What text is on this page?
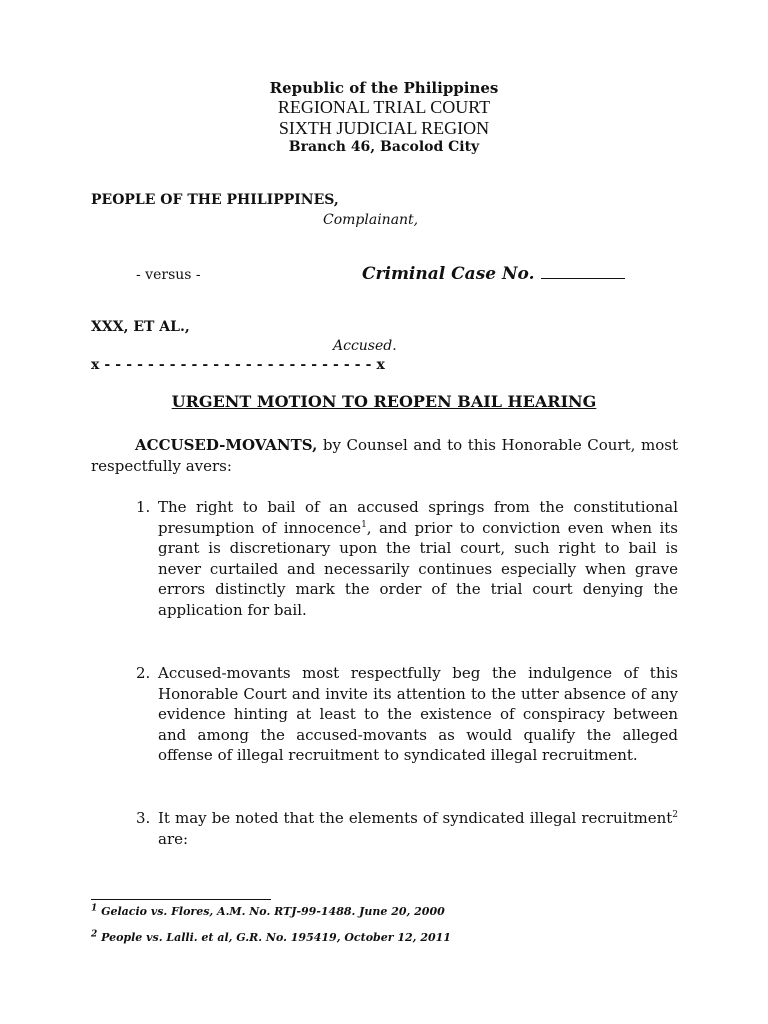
Republic of the Philippines
REGIONAL TRIAL COURT
SIXTH JUDICIAL REGION
Branch 46, Bacolod City
PEOPLE OF THE PHILIPPINES,
Complainant,
- versus -	Criminal Case No.
XXX, ET AL.,
Accused.
x - - - - - - - - - - - - - - - - - - - - - - - - - x
URGENT MOTION TO REOPEN BAIL HEARING
ACCUSED-MOVANTS, by Counsel and to this Honorable Court, most respectfully avers:
1. The right to bail of an accused springs from the constitutional presumption of innocence$^1$, and prior to conviction even when its grant is discretionary upon the trial court, such right to bail is never curtailed and necessarily continues especially when grave errors distinctly mark the order of the trial court denying the application for bail.
2. Accused-movants most respectfully beg the indulgence of this Honorable Court and invite its attention to the utter absence of any evidence hinting at least to the existence of conspiracy between and among the accused-movants as would qualify the alleged offense of illegal recruitment to syndicated illegal recruitment.
3. It may be noted that the elements of syndicated illegal recruitment$^2$ are:
$^1$ Gelacio vs. Flores, A.M. No. RTJ-99-1488. June 20, 2000
$^2$ People vs. Lalli. et al, G.R. No. 195419, October 12, 2011
